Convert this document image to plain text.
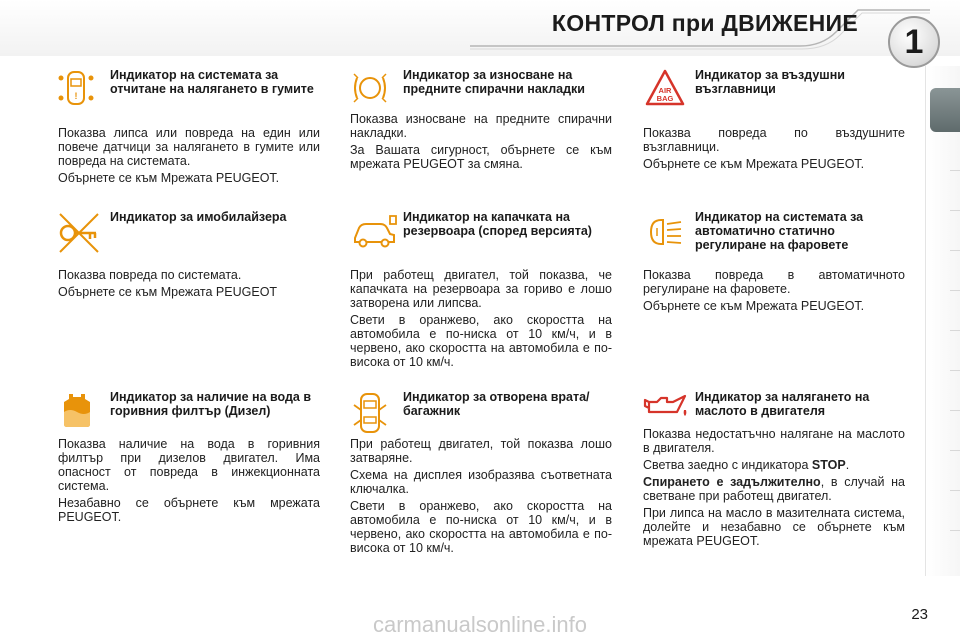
КОНТРОЛ при ДВИЖЕНИЕ	1
!
Индикатор на системата за отчитане на налягането в гумите

Показва липса или повреда на един или повече датчици за налягането в гумите или повреда на системата.

Обърнете се към Мрежата PEUGEOT.

Индикатор за износване на предните спирачни накладки

Показва износване на предните спирачни накладки.

За Вашата сигурност, обърнете се към мрежата PEUGEOT за смяна.

AIR
BAG
Индикатор за въздушни възглавници

Показва повреда по въздушните възглавници.

Обърнете се към Мрежата PEUGEOT.

Индикатор за имобилайзера

Показва повреда по системата.

Обърнете се към Мрежата PEUGEOT

Индикатор на капачката на резервоара (според версията)

При работещ двигател, той показва, че капачката на резервоара за гориво е лошо затворена или липсва.

Свети в оранжево, ако скоростта на автомобила е по-ниска от 10 км/ч, и в червено, ако скоростта на автомобила е по-висока от 10 км/ч.

Индикатор на системата за автоматично статично регулиране на фаровете

Показва повреда в автоматичното регулиране на фаровете.

Обърнете се към Мрежата PEUGEOT.

Индикатор за наличие на вода в горивния филтър (Дизел)

Показва наличие на вода в горивния филтър при дизелов двигател. Има опасност от повреда в инжекционната система.

Незабавно се обърнете към мрежата PEUGEOT.

Индикатор за отворена врата/багажник

При работещ двигател, той показва лошо затваряне.

Схема на дисплея изобразява съответната ключалка.

Свети в оранжево, ако скоростта на автомобила е по-ниска от 10 км/ч, и в червено, ако скоростта на автомобила е по-висока от 10 км/ч.

Индикатор за налягането на маслото в двигателя

Показва недостатъчно налягане на маслото в двигателя.

Светва заедно с индикатора STOP.

Спирането е задължително, в случай на светване при работещ двигател.

При липса на масло в мазителната система, долейте и незабавно се обърнете към мрежата PEUGEOT.

23
carmanualsonline.info
